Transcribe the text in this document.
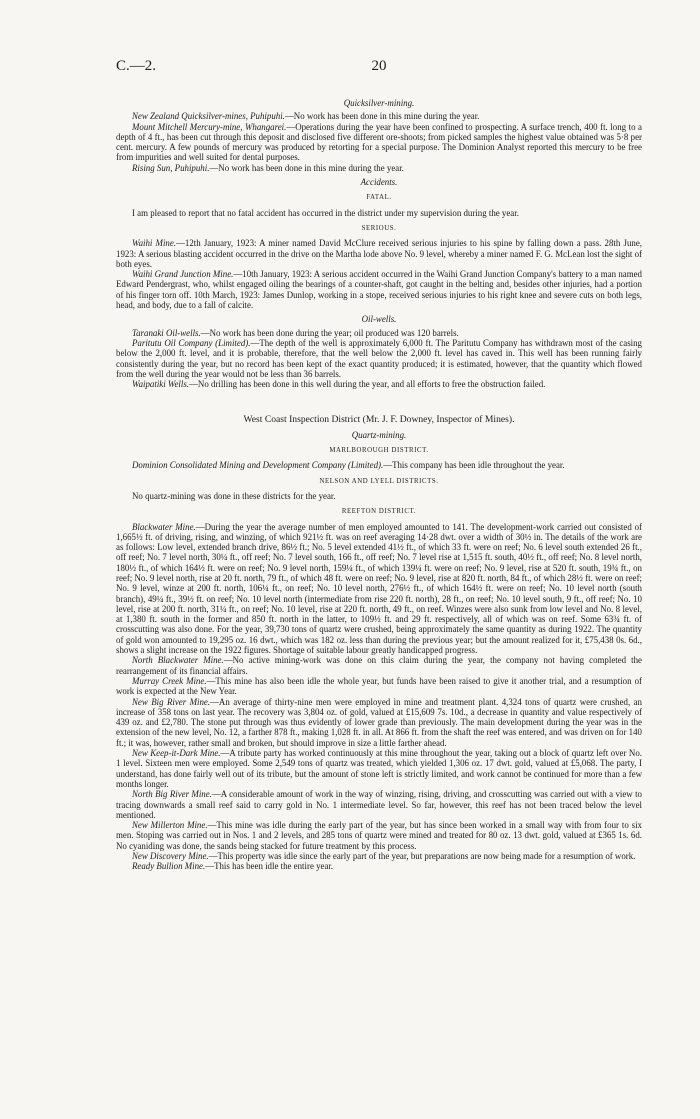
C.—2.	20
Quicksilver-mining.

New Zealand Quicksilver-mines, Puhipuhi.—No work has been done in this mine during the year.

Mount Mitchell Mercury-mine, Whangarei.—Operations during the year have been confined to prospecting. A surface trench, 400 ft. long to a depth of 4 ft., has been cut through this deposit and disclosed five different ore-shoots; from picked samples the highest value obtained was 5·8 per cent. mercury. A few pounds of mercury was produced by retorting for a special purpose. The Dominion Analyst reported this mercury to be free from impurities and well suited for dental purposes.

Rising Sun, Puhipuhi.—No work has been done in this mine during the year.

Accidents.
FATAL.

I am pleased to report that no fatal accident has occurred in the district under my supervision during the year.

SERIOUS.

Waihi Mine.—12th January, 1923: A miner named David McClure received serious injuries to his spine by falling down a pass. 28th June, 1923: A serious blasting accident occurred in the drive on the Martha lode above No. 9 level, whereby a miner named F. G. McLean lost the sight of both eyes.

Waihi Grand Junction Mine.—10th January, 1923: A serious accident occurred in the Waihi Grand Junction Company's battery to a man named Edward Pendergrast, who, whilst engaged oiling the bearings of a counter-shaft, got caught in the belting and, besides other injuries, had a portion of his finger torn off. 10th March, 1923: James Dunlop, working in a stope, received serious injuries to his right knee and severe cuts on both legs, head, and body, due to a fall of calcite.

Oil-wells.

Taranaki Oil-wells.—No work has been done during the year; oil produced was 120 barrels.

Paritutu Oil Company (Limited).—The depth of the well is approximately 6,000 ft. The Paritutu Company has withdrawn most of the casing below the 2,000 ft. level, and it is probable, therefore, that the well below the 2,000 ft. level has caved in. This well has been running fairly consistently during the year, but no record has been kept of the exact quantity produced; it is estimated, however, that the quantity which flowed from the well during the year would not be less than 36 barrels.

Waipatiki Wells.—No drilling has been done in this well during the year, and all efforts to free the obstruction failed.

West Coast Inspection District (Mr. J. F. Downey, Inspector of Mines).
Quartz-mining.
MARLBOROUGH DISTRICT.

Dominion Consolidated Mining and Development Company (Limited).—This company has been idle throughout the year.

NELSON AND LYELL DISTRICTS.

No quartz-mining was done in these districts for the year.

REEFTON DISTRICT.

Blackwater Mine.—During the year the average number of men employed amounted to 141. The development-work carried out consisted of 1,665½ ft. of driving, rising, and winzing, of which 921½ ft. was on reef averaging 14·28 dwt. over a width of 30½ in. The details of the work are as follows: Low level, extended branch drive, 86½ ft.; No. 5 level extended 41½ ft., of which 33 ft. were on reef; No. 6 level south extended 26 ft., off reef; No. 7 level north, 30¼ ft., off reef; No. 7 level south, 166 ft., off reef; No. 7 level rise at 1,515 ft. south, 40½ ft., off reef; No. 8 level north, 180½ ft., of which 164½ ft. were on reef; No. 9 level north, 159¼ ft., of which 139¼ ft. were on reef; No. 9 level, rise at 520 ft. south, 19¾ ft., on reef; No. 9 level north, rise at 20 ft. north, 79 ft., of which 48 ft. were on reef; No. 9 level, rise at 820 ft. north, 84 ft., of which 28½ ft. were on reef; No. 9 level, winze at 200 ft. north, 106¼ ft., on reef; No. 10 level north, 276½ ft., of which 164½ ft. were on reef; No. 10 level north (south branch), 49¼ ft., 39½ ft. on reef; No. 10 level north (intermediate from rise 220 ft. north), 28 ft., on reef; No. 10 level south, 9 ft., off reef; No. 10 level, rise at 200 ft. north, 31¼ ft., on reef; No. 10 level, rise at 220 ft. north, 49 ft., on reef. Winzes were also sunk from low level and No. 8 level, at 1,380 ft. south in the former and 850 ft. north in the latter, to 109½ ft. and 29 ft. respectively, all of which was on reef. Some 63¾ ft. of crosscutting was also done. For the year, 39,730 tons of quartz were crushed, being approximately the same quantity as during 1922. The quantity of gold won amounted to 19,295 oz. 16 dwt., which was 182 oz. less than during the previous year; but the amount realized for it, £75,438 0s. 6d., shows a slight increase on the 1922 figures. Shortage of suitable labour greatly handicapped progress.

North Blackwater Mine.—No active mining-work was done on this claim during the year, the company not having completed the rearrangement of its financial affairs.

Murray Creek Mine.—This mine has also been idle the whole year, but funds have been raised to give it another trial, and a resumption of work is expected at the New Year.

New Big River Mine.—An average of thirty-nine men were employed in mine and treatment plant. 4,324 tons of quartz were crushed, an increase of 358 tons on last year. The recovery was 3,804 oz. of gold, valued at £15,609 7s. 10d., a decrease in quantity and value respectively of 439 oz. and £2,780. The stone put through was thus evidently of lower grade than previously. The main development during the year was in the extension of the new level, No. 12, a farther 878 ft., making 1,028 ft. in all. At 866 ft. from the shaft the reef was entered, and was driven on for 140 ft.; it was, however, rather small and broken, but should improve in size a little farther ahead.

New Keep-it-Dark Mine.—A tribute party has worked continuously at this mine throughout the year, taking out a block of quartz left over No. 1 level. Sixteen men were employed. Some 2,549 tons of quartz was treated, which yielded 1,306 oz. 17 dwt. gold, valued at £5,068. The party, I understand, has done fairly well out of its tribute, but the amount of stone left is strictly limited, and work cannot be continued for more than a few months longer.

North Big River Mine.—A considerable amount of work in the way of winzing, rising, driving, and crosscutting was carried out with a view to tracing downwards a small reef said to carry gold in No. 1 intermediate level. So far, however, this reef has not been traced below the level mentioned.

New Millerton Mine.—This mine was idle during the early part of the year, but has since been worked in a small way with from four to six men. Stoping was carried out in Nos. 1 and 2 levels, and 285 tons of quartz were mined and treated for 80 oz. 13 dwt. gold, valued at £365 1s. 6d. No cyaniding was done, the sands being stacked for future treatment by this process.

New Discovery Mine.—This property was idle since the early part of the year, but preparations are now being made for a resumption of work.

Ready Bullion Mine.—This has been idle the entire year.
